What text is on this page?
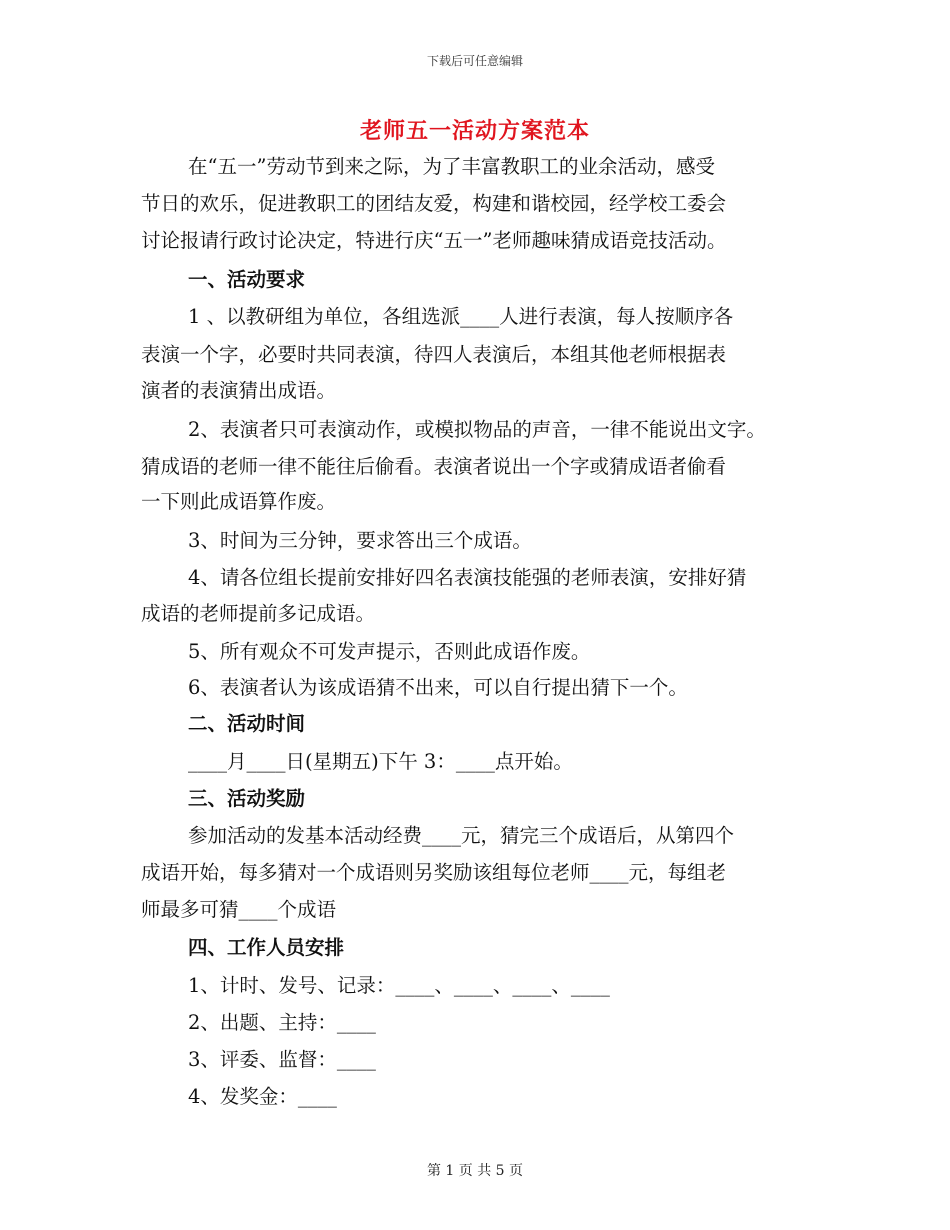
下载后可任意编辑
老师五一活动方案范本
在“五一”劳动节到来之际，为了丰富教职工的业余活动，感受
节日的欢乐，促进教职工的团结友爱，构建和谐校园，经学校工委会
讨论报请行政讨论决定，特进行庆“五一”老师趣味猜成语竞技活动。
一、活动要求
1 、以教研组为单位，各组选派____人进行表演，每人按顺序各
表演一个字，必要时共同表演，待四人表演后，本组其他老师根据表
演者的表演猜出成语。
2、表演者只可表演动作，或模拟物品的声音，一律不能说出文字。
猜成语的老师一律不能往后偷看。表演者说出一个字或猜成语者偷看
一下则此成语算作废。
3、时间为三分钟，要求答出三个成语。
4、请各位组长提前安排好四名表演技能强的老师表演，安排好猜
成语的老师提前多记成语。
5、所有观众不可发声提示，否则此成语作废。
6、表演者认为该成语猜不出来，可以自行提出猜下一个。
二、活动时间
____月____日(星期五)下午 3：____点开始。
三、活动奖励
参加活动的发基本活动经费____元，猜完三个成语后，从第四个
成语开始，每多猜对一个成语则另奖励该组每位老师____元，每组老
师最多可猜____个成语
四、工作人员安排
1、计时、发号、记录：____、____、____、____
2、出题、主持：____
3、评委、监督：____
4、发奖金：____
第 1 页 共 5 页
